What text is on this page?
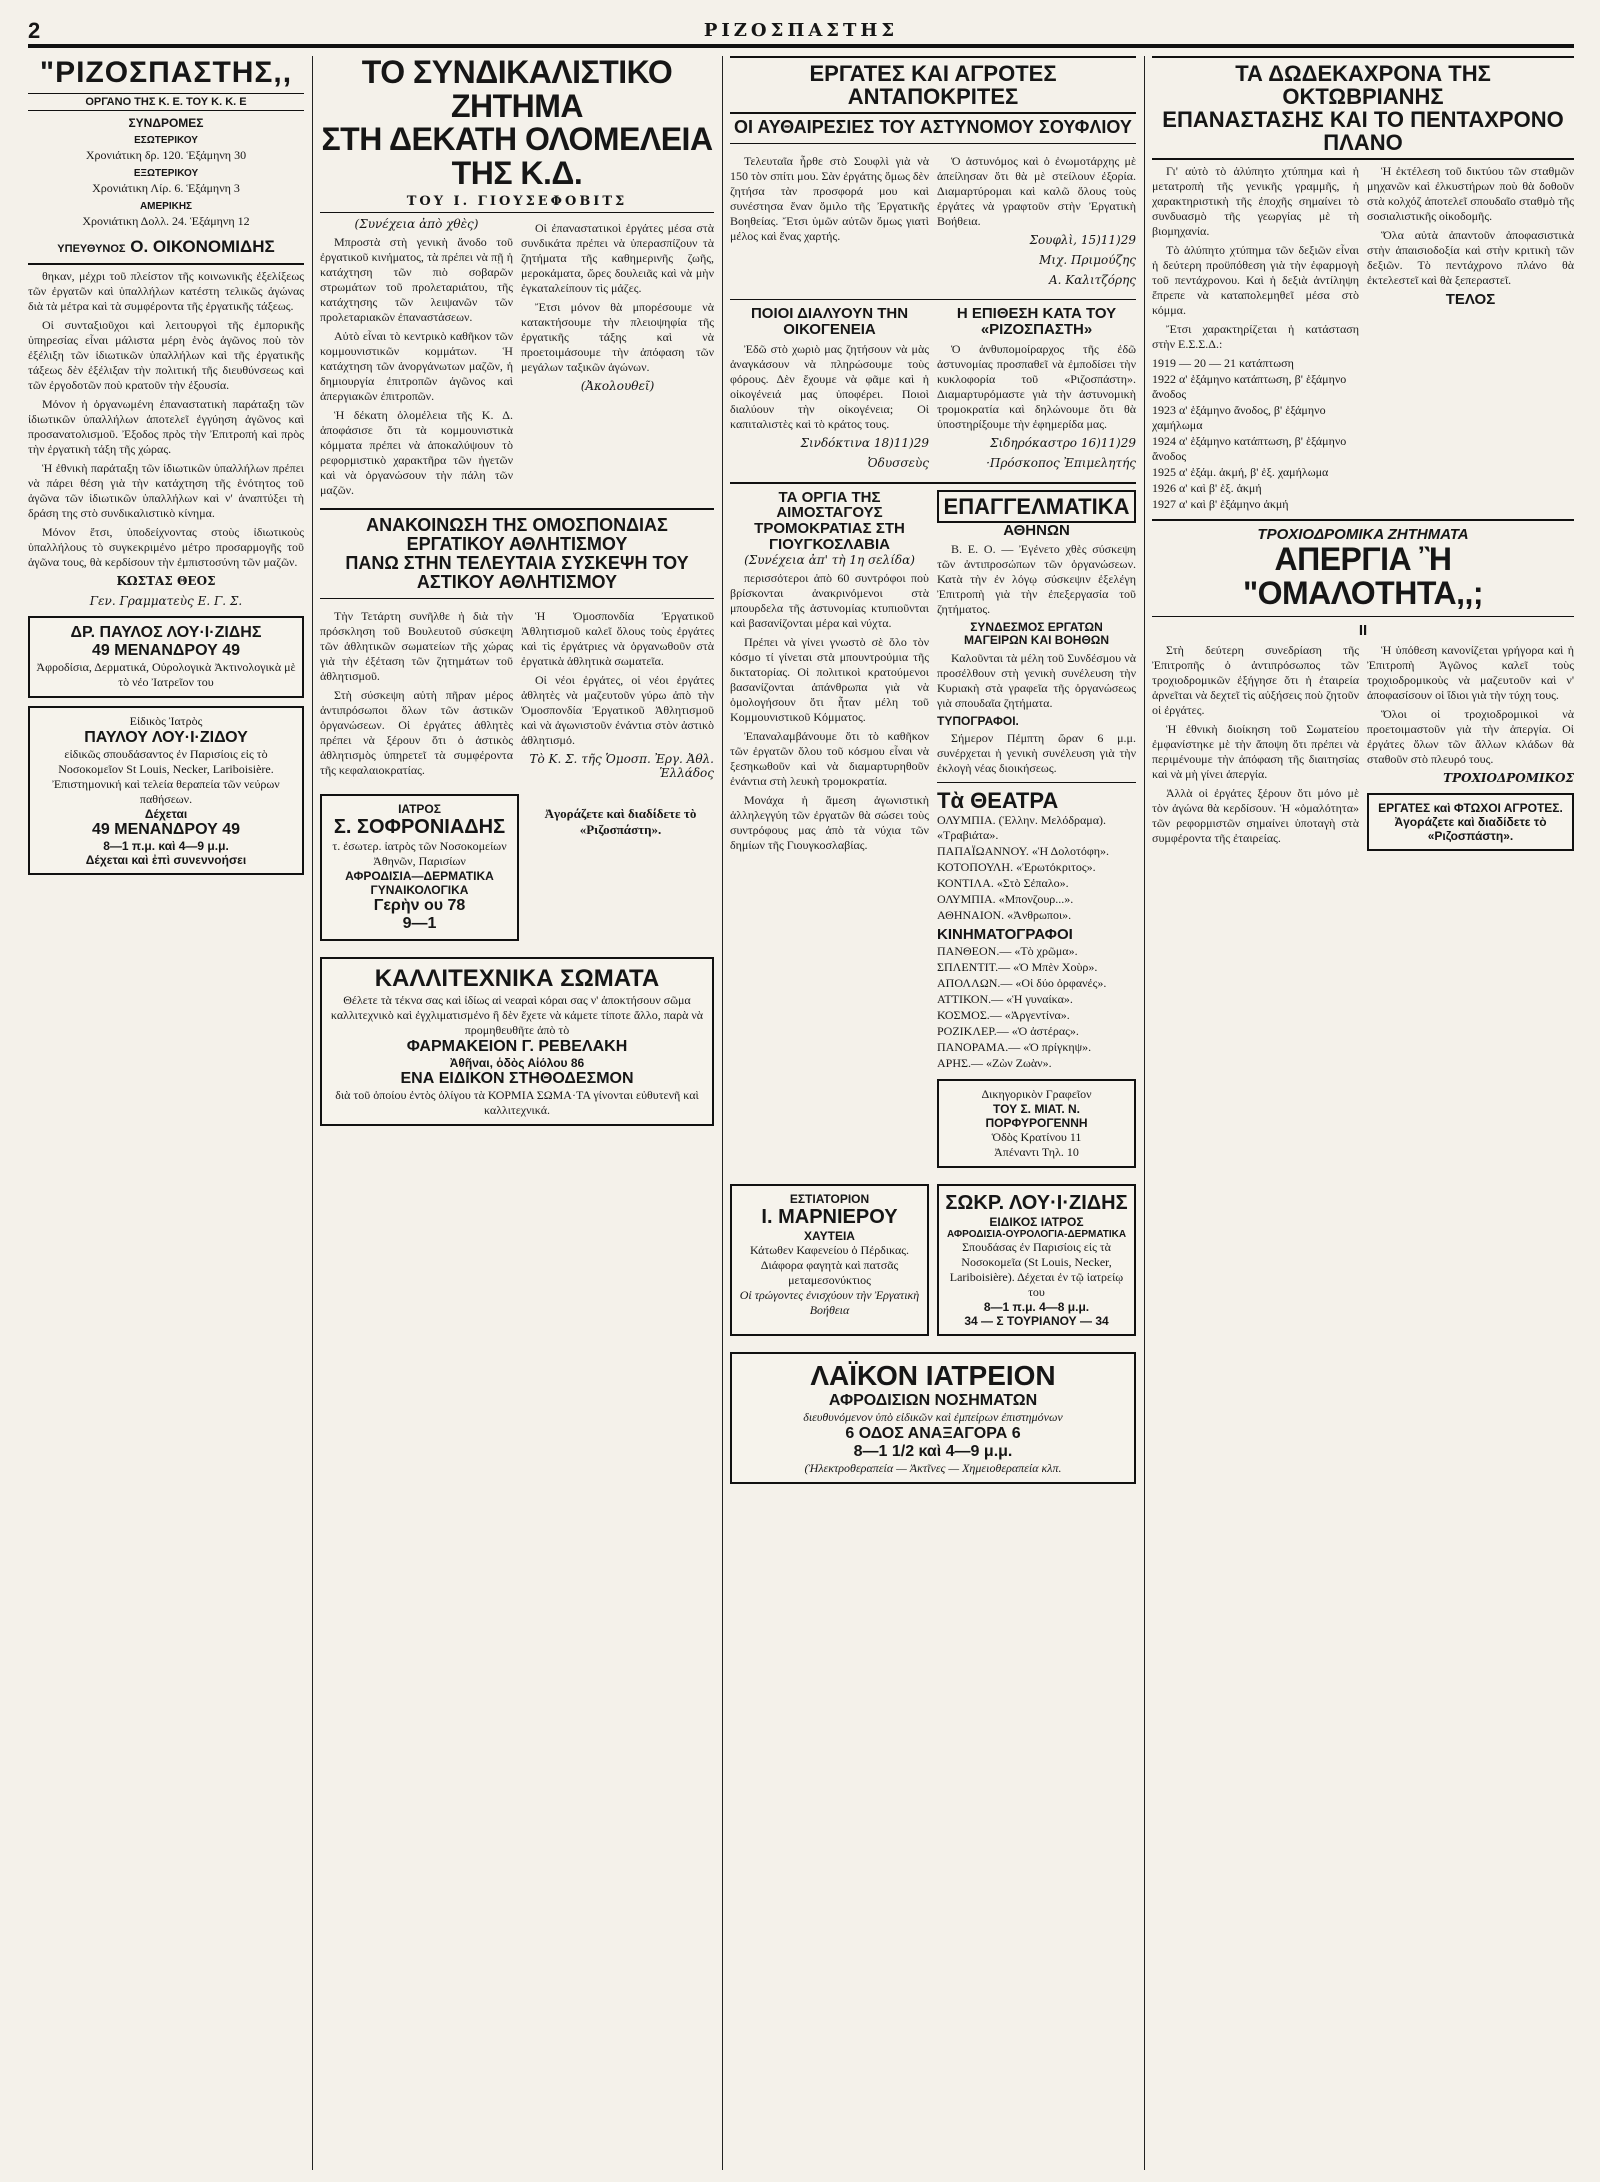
2	ΡΙΖΟΣΠΑΣΤΗΣ
"ΡΙΖΟΣΠΑΣΤΗΣ,,
ΟΡΓΑΝΟ ΤΗΣ Κ. Ε. ΤΟΥ Κ. Κ. Ε
ΣΥΝΔΡΟΜΕΣ
ΕΣΩΤΕΡΙΚΟΥ
Χρονιάτικη δρ. 120. Ἑξάμηνη 30
ΕΞΩΤΕΡΙΚΟΥ
Χρονιάτικη Λίρ. 6. Ἑξάμηνη 3
ΑΜΕΡΙΚΗΣ
Χρονιάτικη Δολλ. 24. Ἑξάμηνη 12
ΥΠΕΥΘΥΝΟΣ Ο. ΟΙΚΟΝΟΜΙΔΗΣ

θηκαν, μέχρι τοῦ πλείστον τῆς κοινωνικῆς ἐξελίξεως τῶν ἐργατῶν καὶ ὑπαλλήλων κατέστη τελικῶς ἀγώνας διὰ τὰ μέτρα καὶ τὰ συμφέροντα τῆς ἐργατικῆς τάξεως.

Οἱ συνταξιοῦχοι καὶ λειτουργοὶ τῆς ἐμπορικῆς ὑπηρεσίας εἶναι μάλιστα μέρη ἑνὸς ἀγῶνος ποὺ τὸν ἐξέλιξη τῶν ἰδιωτικῶν ὑπαλλήλων καὶ τῆς ἐργατικῆς τάξεως δὲν ἐξέλιξαν τὴν πολιτική τῆς διευθύνσεως καὶ τῶν ἐργοδοτῶν ποὺ κρατοῦν τὴν ἐξουσία.

Μόνον ἡ ὀργανωμένη ἐπαναστατικὴ παράταξη τῶν ἰδιωτικῶν ὑπαλλήλων ἀποτελεῖ ἐγγύηση ἀγῶνος καὶ προσανατολισμοῦ. Ἐξοδος πρὸς τὴν Ἐπιτροπή καὶ πρὸς τὴν ἐργατικὴ τάξη τῆς χώρας.

Ἡ ἐθνικὴ παράταξη τῶν ἰδιωτικῶν ὑπαλλήλων πρέπει νὰ πάρει θέση γιὰ τὴν κατάχτηση τῆς ἑνότητος τοῦ ἀγῶνα τῶν ἰδιωτικῶν ὑπαλλήλων καὶ ν' ἀναπτύξει τὴ δράση της στὸ συνδικαλιστικὸ κίνημα.

Μόνον ἔτσι, ὑποδείχνοντας στοὺς ἰδιωτικοὺς ὑπαλλήλους τὸ συγκεκριμένο μέτρο προσαρμογῆς τοῦ ἀγῶνα τους, θὰ κερδίσουν τὴν ἐμπιστοσύνη τῶν μαζῶν.

ΚΩΣΤΑΣ ΘΕΟΣ
Γεν. Γραμματεὺς Ε. Γ. Σ.
ΔΡ. ΠΑΥΛΟΣ ΛΟΥ·Ι·ΖΙΔΗΣ
49 ΜΕΝΑΝΔΡΟΥ 49
Ἀφροδίσια, Δερματικά, Οὐρολογικὰ Ἀκτινολογικὰ μὲ τὸ νέο Ἰατρεῖον του
Εἰδικὸς Ἰατρὸς
ΠΑΥΛΟΥ ΛΟΥ·Ι·ΖΙΔΟΥ
εἰδικῶς σπουδάσαντος ἐν Παρισίοις εἰς τὸ Νοσοκομεῖον St Louis, Necker, Lariboisière. Ἐπιστημονική καὶ τελεία θεραπεία τῶν νεύρων παθήσεων.
Δέχεται
49 ΜΕΝΑΝΔΡΟΥ 49
8—1 π.μ. καὶ 4—9 μ.μ.
Δέχεται καὶ ἐπὶ συνεννοήσει
ΤΟ ΣΥΝΔΙΚΑΛΙΣΤΙΚΟ ΖΗΤΗΜΑ
ΣΤΗ ΔΕΚΑΤΗ ΟΛΟΜΕΛΕΙΑ ΤΗΣ Κ.Δ.
ΤΟΥ Ι. ΓΙΟΥΣΕΦΟΒΙΤΣ
(Συνέχεια ἀπὸ χθὲς)

Μπροστὰ στὴ γενικὴ ἄνοδο τοῦ ἐργατικοῦ κινήματος, τὰ πρέπει νὰ πῇ ἡ κατάχτηση τῶν πιὸ σοβαρῶν στρωμάτων τοῦ προλεταριάτου, τῆς κατάχτησης τῶν λειψανῶν τῶν προλεταριακῶν ἐπαναστάσεων.

Αὐτὸ εἶναι τὸ κεντρικὸ καθῆκον τῶν κομμουνιστικῶν κομμάτων. Ἡ κατάχτηση τῶν ἀνοργάνωτων μαζῶν, ἡ δημιουργία ἐπιτροπῶν ἀγῶνος καὶ ἀπεργιακῶν ἐπιτροπῶν.

Ἡ δέκατη ὁλομέλεια τῆς Κ. Δ. ἀποφάσισε ὅτι τὰ κομμουνιστικὰ κόμματα πρέπει νὰ ἀποκαλύψουν τὸ ρεφορμιστικὸ χαρακτῆρα τῶν ἡγετῶν καὶ νὰ ὀργανώσουν τὴν πάλη τῶν μαζῶν.

Οἱ ἐπαναστατικοὶ ἐργάτες μέσα στὰ συνδικάτα πρέπει νὰ ὑπερασπίζουν τὰ ζητήματα τῆς καθημερινῆς ζωῆς, μεροκάματα, ὥρες δουλειᾶς καὶ νὰ μὴν ἐγκαταλείπουν τὶς μάζες.

Ἔτσι μόνον θὰ μπορέσουμε νὰ κατακτήσουμε τὴν πλειοψηφία τῆς ἐργατικῆς τάξης καὶ νὰ προετοιμάσουμε τὴν ἀπόφαση τῶν μεγάλων ταξικῶν ἀγώνων.

(Ἀκολουθεῖ)
ΑΝΑΚΟΙΝΩΣΗ ΤΗΣ ΟΜΟΣΠΟΝΔΙΑΣ ΕΡΓΑΤΙΚΟΥ ΑΘΛΗΤΙΣΜΟΥ
ΠΑΝΩ ΣΤΗΝ ΤΕΛΕΥΤΑΙΑ ΣΥΣΚΕΨΗ ΤΟΥ ΑΣΤΙΚΟΥ ΑΘΛΗΤΙΣΜΟΥ

Τὴν Τετάρτη συνῆλθε ἡ διὰ τὴν πρόσκληση τοῦ Βουλευτοῦ σύσκεψη τῶν ἀθλητικῶν σωματείων τῆς χώρας γιὰ τὴν ἐξέταση τῶν ζητημάτων τοῦ ἀθλητισμοῦ.

Στὴ σύσκεψη αὐτὴ πῆραν μέρος ἀντιπρόσωποι ὅλων τῶν ἀστικῶν ὀργανώσεων. Οἱ ἐργάτες ἀθλητὲς πρέπει νὰ ξέρουν ὅτι ὁ ἀστικὸς ἀθλητισμὸς ὑπηρετεῖ τὰ συμφέροντα τῆς κεφαλαιοκρατίας.

Ἡ Ὁμοσπονδία Ἐργατικοῦ Ἀθλητισμοῦ καλεῖ ὅλους τοὺς ἐργάτες καὶ τὶς ἐργάτριες νὰ ὀργανωθοῦν στὰ ἐργατικὰ ἀθλητικὰ σωματεῖα.

Οἱ νέοι ἐργάτες, οἱ νέοι ἐργάτες ἀθλητὲς νὰ μαζευτοῦν γύρω ἀπὸ τὴν Ὁμοσπονδία Ἐργατικοῦ Ἀθλητισμοῦ καὶ νὰ ἀγωνιστοῦν ἐνάντια στὸν ἀστικὸ ἀθλητισμό.

Τὸ Κ. Σ. τῆς Ὁμοσπ. Ἐργ. Ἀθλ. Ἑλλάδος
ΙΑΤΡΟΣ
Σ. ΣΟΦΡΟΝΙΑΔΗΣ
τ. ἐσωτερ. ἰατρὸς τῶν Νοσοκομείων Ἀθηνῶν, Παρισίων
ΑΦΡΟΔΙΣΙΑ—ΔΕΡΜΑΤΙΚΑ ΓΥΝΑΙΚΟΛΟΓΙΚΑ
Γερὴν ου 78
9—1
Ἀγοράζετε καὶ διαδίδετε τὸ «Ριζοσπάστη».
ΚΑΛΛΙΤΕΧΝΙΚΑ ΣΩΜΑΤΑ
Θέλετε τὰ τέκνα σας καὶ ἰδίως αἱ νεαραὶ κόραι σας ν' ἀποκτήσουν σῶμα καλλιτεχνικὸ καὶ ἐγχλιματισμένο ἢ δὲν ἔχετε νὰ κάμετε τίποτε ἄλλο, παρὰ νὰ προμηθευθῆτε ἀπὸ τὸ
ΦΑΡΜΑΚΕΙΟΝ Γ. ΡΕΒΕΛΑΚΗ
Ἀθῆναι, ὁδὸς Αἰόλου 86
ΕΝΑ ΕΙΔΙΚΟΝ ΣΤΗΘΟΔΕΣΜΟΝ
διὰ τοῦ ὁποίου ἐντὸς ὀλίγου τὰ ΚΟΡΜΙΑ ΣΩΜΑ·ΤΑ γίνονται εὐθυτενῆ καὶ καλλιτεχνικά.
ΕΡΓΑΤΕΣ ΚΑΙ ΑΓΡΟΤΕΣ ΑΝΤΑΠΟΚΡΙΤΕΣ
ΟΙ ΑΥΘΑΙΡΕΣΙΕΣ ΤΟΥ ΑΣΤΥΝΟΜΟΥ ΣΟΥΦΛΙΟΥ

Τελευταῖα ἦρθε στὸ Σουφλὶ γιὰ νὰ 150 τὸν σπίτι μου. Σὰν ἐργάτης ὅμως δὲν ζητήσα τὰν προσφορά μου καὶ συνέστησα ἕναν ὅμιλο τῆς Ἐργατικῆς Βοηθείας. Ἔτσι ὑμῶν αὐτῶν ὅμως γιατὶ μέλος καὶ ἕνας χαρτής.

Ὁ ἀστυνόμος καὶ ὁ ἐνωμοτάρχης μὲ ἀπείλησαν ὅτι θὰ μὲ στείλουν ἐξορία. Διαμαρτύρομαι καὶ καλῶ ὅλους τοὺς ἐργάτες νὰ γραφτοῦν στὴν Ἐργατικὴ Βοήθεια.

Σουφλὶ, 15)11)29
Μιχ. Πριμούζης
Α. Καλιτζόρης
ΠΟΙΟΙ ΔΙΑΛΥΟΥΝ ΤΗΝ ΟΙΚΟΓΕΝΕΙΑ

Ἐδῶ στὸ χωριὸ μας ζητήσουν νὰ μὰς ἀναγκάσουν νὰ πληρώσουμε τοὺς φόρους. Δὲν ἔχουμε νὰ φᾶμε καὶ ἡ οἰκογένειά μας ὑποφέρει. Ποιοὶ διαλύουν τὴν οἰκογένεια; Οἱ καπιταλιστὲς καὶ τὸ κράτος τους.

Σινδόκτινα 18)11)29
Ὀδυσσεὺς
Η ΕΠΙΘΕΣΗ ΚΑΤΑ ΤΟΥ «ΡΙΖΟΣΠΑΣΤΗ»

Ὁ ἀνθυπομοίραρχος τῆς ἐδῶ ἀστυνομίας προσπαθεῖ νὰ ἐμποδίσει τὴν κυκλοφορία τοῦ «Ριζοσπάστη». Διαμαρτυρόμαστε γιὰ τὴν ἀστυνομικὴ τρομοκρατία καὶ δηλώνουμε ὅτι θὰ ὑποστηρίξουμε τὴν ἐφημερίδα μας.

Σιδηρόκαστρο 16)11)29
·Πρόσκοπος Ἐπιμελητής
ΤΑ ΟΡΓΙΑ ΤΗΣ ΑΙΜΟΣΤΑΓΟΥΣ
ΤΡΟΜΟΚΡΑΤΙΑΣ ΣΤΗ ΓΙΟΥΓΚΟΣΛΑΒΙΑ
(Συνέχεια ἀπ' τὴ 1η σελίδα)

περισσότεροι ἀπὸ 60 συντρόφοι ποὺ βρίσκονται ἀνακρινόμενοι στὰ μπουρδελα τῆς ἀστυνομίας κτυπιοῦνται καὶ βασανίζονται μέρα καὶ νύχτα.

Πρέπει νὰ γίνει γνωστὸ σὲ ὅλο τὸν κόσμο τί γίνεται στὰ μπουντρούμια τῆς δικτατορίας. Οἱ πολιτικοὶ κρατούμενοι βασανίζονται ἀπάνθρωπα γιὰ νὰ ὁμολογήσουν ὅτι ἦταν μέλη τοῦ Κομμουνιστικοῦ Κόμματος.

Ἐπαναλαμβάνουμε ὅτι τὸ καθῆκον τῶν ἐργατῶν ὅλου τοῦ κόσμου εἶναι νὰ ξεσηκωθοῦν καὶ νὰ διαμαρτυρηθοῦν ἐνάντια στὴ λευκὴ τρομοκρατία.

Μονάχα ἡ ἄμεση ἀγωνιστικὴ ἀλληλεγγύη τῶν ἐργατῶν θὰ σώσει τοὺς συντρόφους μας ἀπὸ τὰ νύχια τῶν δημίων τῆς Γιουγκοσλαβίας.

ΕΠΑΓΓΕΛΜΑΤΙΚΑ
ΑΘΗΝΩΝ

Β. Ε. Ο. — Ἐγένετο χθὲς σύσκεψη τῶν ἀντιπροσώπων τῶν ὀργανώσεων. Κατὰ τὴν ἐν λόγῳ σύσκεψιν ἐξελέγη Ἐπιτροπὴ γιὰ τὴν ἐπεξεργασία τοῦ ζητήματος.

ΣΥΝΔΕΣΜΟΣ ΕΡΓΑΤΩΝ ΜΑΓΕΙΡΩΝ ΚΑΙ ΒΟΗΘΩΝ

Καλοῦνται τὰ μέλη τοῦ Συνδέσμου νὰ προσέλθουν στὴ γενικὴ συνέλευση τὴν Κυριακὴ στὰ γραφεῖα τῆς ὀργανώσεως γιὰ σπουδαῖα ζητήματα.

ΤΥΠΟΓΡΑΦΟΙ.

Σήμερον Πέμπτη ὥραν 6 μ.μ. συνέρχεται ἡ γενικὴ συνέλευση γιὰ τὴν ἐκλογὴ νέας διοικήσεως.

Τὰ ΘΕΑΤΡΑ
ΟΛΥΜΠΙΑ. (Ἑλλην. Μελόδραμα). «Τραβιάτα».
ΠΑΠΑΪΩΑΝΝΟΥ. «Ἡ Δολοτόφη».
ΚΟΤΟΠΟΥΛΗ. «Ἐρωτόκριτος».
ΚΟΝΤΙΛΑ. «Στὸ Σέπαλο».
ΟΛΥΜΠΙΑ. «Μπονζουρ...».
ΑΘΗΝΑΙΟΝ. «Ἀνθρωποι».
ΚΙΝΗΜΑΤΟΓΡΑΦΟΙ
ΠΑΝΘΕΟΝ.— «Τὸ χρῶμα».
ΣΠΛΕΝΤΙΤ.— «Ὁ Μπὲν Χοὺρ».
ΑΠΟΛΛΩΝ.— «Οἱ δύο ὀρφανές».
ΑΤΤΙΚΟΝ.— «Ἡ γυναίκα».
ΚΟΣΜΟΣ.— «Ἀργεντίνα».
ΡΟΖΙΚΛΕΡ.— «Ὁ ἀστέρας».
ΠΑΝΟΡΑΜΑ.— «Ὁ πρίγκηψ».
ΑΡΗΣ.— «Ζὼν Ζωὰν».
Δικηγορικὸν Γραφεῖον
ΤΟΥ Σ. ΜΙΑΤ. Ν. ΠΟΡΦΥΡΟΓΕΝΝΗ
Ὁδὸς Κρατίνου 11
Ἀπέναντι Τηλ. 10
ΕΣΤΙΑΤΟΡΙΟΝ
Ι. ΜΑΡΝΙΕΡΟΥ
ΧΑΥΤΕΙΑ
Κάτωθεν Καφενείου ὁ Πέρδικας. Διάφορα φαγητὰ καὶ πατσᾶς μεταμεσονύκτιος
Οἱ τρώγοντες ἐνισχύουν τὴν Ἐργατικὴ Βοήθεια
ΣΩΚΡ. ΛΟΥ·Ι·ΖΙΔΗΣ
ΕΙΔΙΚΟΣ ΙΑΤΡΟΣ
ΑΦΡΟΔΙΣΙΑ-ΟΥΡΟΛΟΓΙΑ-ΔΕΡΜΑΤΙΚΑ
Σπουδάσας ἐν Παρισίοις εἰς τὰ Νοσοκομεῖα (St Louis, Necker, Lariboisière). Δέχεται ἐν τῷ ἰατρείῳ του
8—1 π.μ. 4—8 μ.μ.
34 — Σ ΤΟΥΡΙΑΝΟΥ — 34
ΛΑΪΚΟΝ ΙΑΤΡΕΙΟΝ
ΑΦΡΟΔΙΣΙΩΝ ΝΟΣΗΜΑΤΩΝ
διευθυνόμενον ὑπὸ εἰδικῶν καὶ ἐμπείρων ἐπιστημόνων
6 ΟΔΟΣ ΑΝΑΞΑΓΟΡΑ 6
8—1 1/2 καὶ 4—9 μ.μ.
(Ἠλεκτροθεραπεία — Ἀκτῖνες — Χημειοθεραπεία κλπ.
ΤΑ ΔΩΔΕΚΑΧΡΟΝΑ ΤΗΣ ΟΚΤΩΒΡΙΑΝΗΣ
ΕΠΑΝΑΣΤΑΣΗΣ ΚΑΙ ΤΟ ΠΕΝΤΑΧΡΟΝΟ ΠΛΑΝΟ

Γι' αὐτὸ τὸ ἀλύπητο χτύπημα καὶ ἡ μετατροπὴ τῆς γενικῆς γραμμῆς, ἡ χαρακτηριστικὴ τῆς ἐποχῆς σημαίνει τὸ συνδυασμὸ τῆς γεωργίας μὲ τὴ βιομηχανία.

Τὸ ἀλύπητο χτύπημα τῶν δεξιῶν εἶναι ἡ δεύτερη προϋπόθεση γιὰ τὴν ἐφαρμογὴ τοῦ πεντάχρονου. Καὶ ἡ δεξιὰ ἀντίληψη ἔπρεπε νὰ καταπολεμηθεῖ μέσα στὸ κόμμα.

Ἔτσι χαρακτηρίζεται ἡ κατάσταση στὴν Ε.Σ.Σ.Δ.:

1919 — 20 — 21 κατάπτωση
1922 α' ἑξάμηνο κατάπτωση, β' ἑξάμηνο ἄνοδος
1923 α' ἑξάμηνο ἄνοδος, β' ἑξάμηνο χαμήλωμα
1924 α' ἑξάμηνο κατάπτωση, β' ἑξάμηνο ἄνοδος
1925 α' ἑξάμ. ἀκμή, β' ἑξ. χαμήλωμα
1926 α' καὶ β' ἑξ. ἀκμή
1927 α' καὶ β' ἑξάμηνο ἀκμή

Ἡ ἐκτέλεση τοῦ δικτύου τῶν σταθμῶν μηχανῶν καὶ ἐλκυστήρων ποὺ θὰ δοθοῦν στὰ κολχόζ ἀποτελεῖ σπουδαῖο σταθμὸ τῆς σοσιαλιστικῆς οἰκοδομῆς.

Ὅλα αὐτὰ ἀπαντοῦν ἀποφασιστικὰ στὴν ἀπαισιοδοξία καὶ στὴν κριτικὴ τῶν δεξιῶν. Τὸ πεντάχρονο πλάνο θὰ ἐκτελεστεῖ καὶ θὰ ξεπεραστεῖ.

ΤΕΛΟΣ
ΤΡΟΧΙΟΔΡΟΜΙΚΑ ΖΗΤΗΜΑΤΑ
ΑΠΕΡΓΙΑ Ἢ "ΟΜΑΛΟΤΗΤΑ,,;
II

Στὴ δεύτερη συνεδρίαση τῆς Ἐπιτροπῆς ὁ ἀντιπρόσωπος τῶν τροχιοδρομικῶν ἐξήγησε ὅτι ἡ ἐταιρεία ἀρνεῖται νὰ δεχτεῖ τὶς αὐξήσεις ποὺ ζητοῦν οἱ ἐργάτες.

Ἡ ἐθνικὴ διοίκηση τοῦ Σωματείου ἐμφανίστηκε μὲ τὴν ἄποψη ὅτι πρέπει νὰ περιμένουμε τὴν ἀπόφαση τῆς διαιτησίας καὶ νὰ μὴ γίνει ἀπεργία.

Ἀλλὰ οἱ ἐργάτες ξέρουν ὅτι μόνο μὲ τὸν ἀγώνα θὰ κερδίσουν. Ἡ «ὁμαλότητα» τῶν ρεφορμιστῶν σημαίνει ὑποταγὴ στὰ συμφέροντα τῆς ἐταιρείας.

Ἡ ὑπόθεση κανονίζεται γρήγορα καὶ ἡ Ἐπιτροπὴ Ἀγῶνος καλεῖ τοὺς τροχιοδρομικοὺς νὰ μαζευτοῦν καὶ ν' ἀποφασίσουν οἱ ἴδιοι γιὰ τὴν τύχη τους.

Ὅλοι οἱ τροχιοδρομικοὶ νὰ προετοιμαστοῦν γιὰ τὴν ἀπεργία. Οἱ ἐργάτες ὅλων τῶν ἄλλων κλάδων θὰ σταθοῦν στὸ πλευρό τους.

ΤΡΟΧΙΟΔΡΟΜΙΚΟΣ
ΕΡΓΑΤΕΣ καὶ ΦΤΩΧΟΙ ΑΓΡΟΤΕΣ. Ἀγοράζετε καὶ διαδίδετε τὸ «Ριζοσπάστη».
